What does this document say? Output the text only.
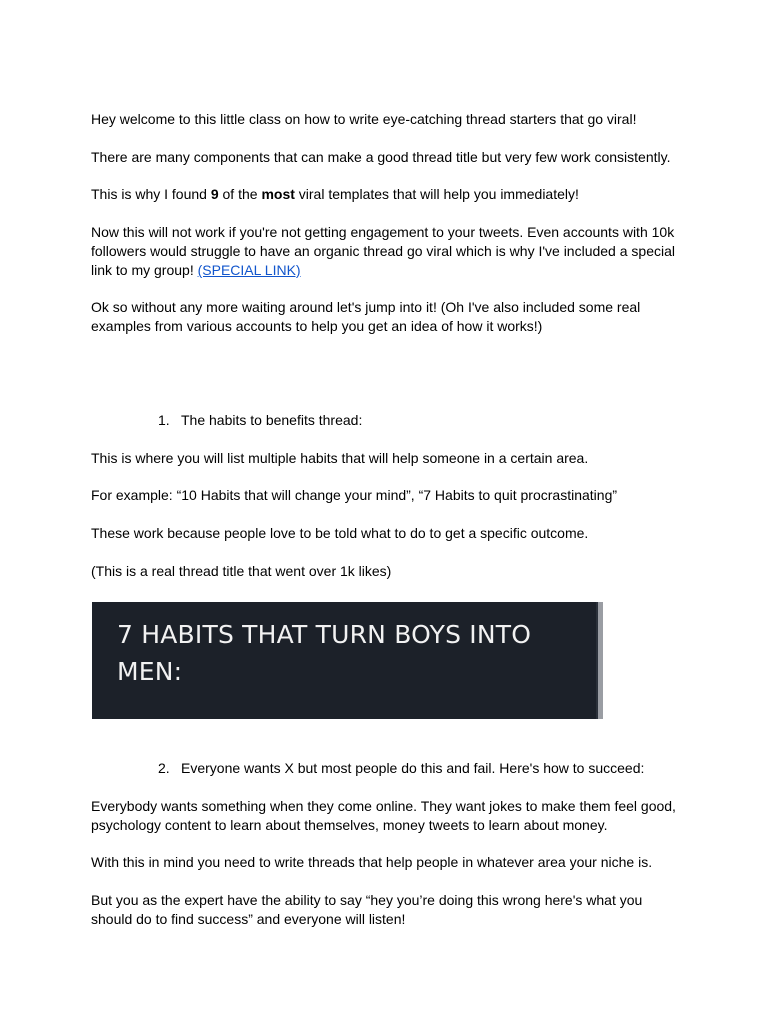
Hey welcome to this little class on how to write eye-catching thread starters that go viral!

There are many components that can make a good thread title but very few work consistently.

This is why I found 9 of the most viral templates that will help you immediately!

Now this will not work if you're not getting engagement to your tweets. Even accounts with 10k followers would struggle to have an organic thread go viral which is why I've included a special link to my group! (SPECIAL LINK)

Ok so without any more waiting around let's jump into it! (Oh I've also included some real examples from various accounts to help you get an idea of how it works!)

1. The habits to benefits thread:

This is where you will list multiple habits that will help someone in a certain area.

For example: “10 Habits that will change your mind”, “7 Habits to quit procrastinating”

These work because people love to be told what to do to get a specific outcome.

(This is a real thread title that went over 1k likes)

7 HABITS THAT TURN BOYS INTO MEN:
2. Everyone wants X but most people do this and fail. Here's how to succeed:

Everybody wants something when they come online. They want jokes to make them feel good, psychology content to learn about themselves, money tweets to learn about money.

With this in mind you need to write threads that help people in whatever area your niche is.

But you as the expert have the ability to say “hey you’re doing this wrong here's what you should do to find success” and everyone will listen!
